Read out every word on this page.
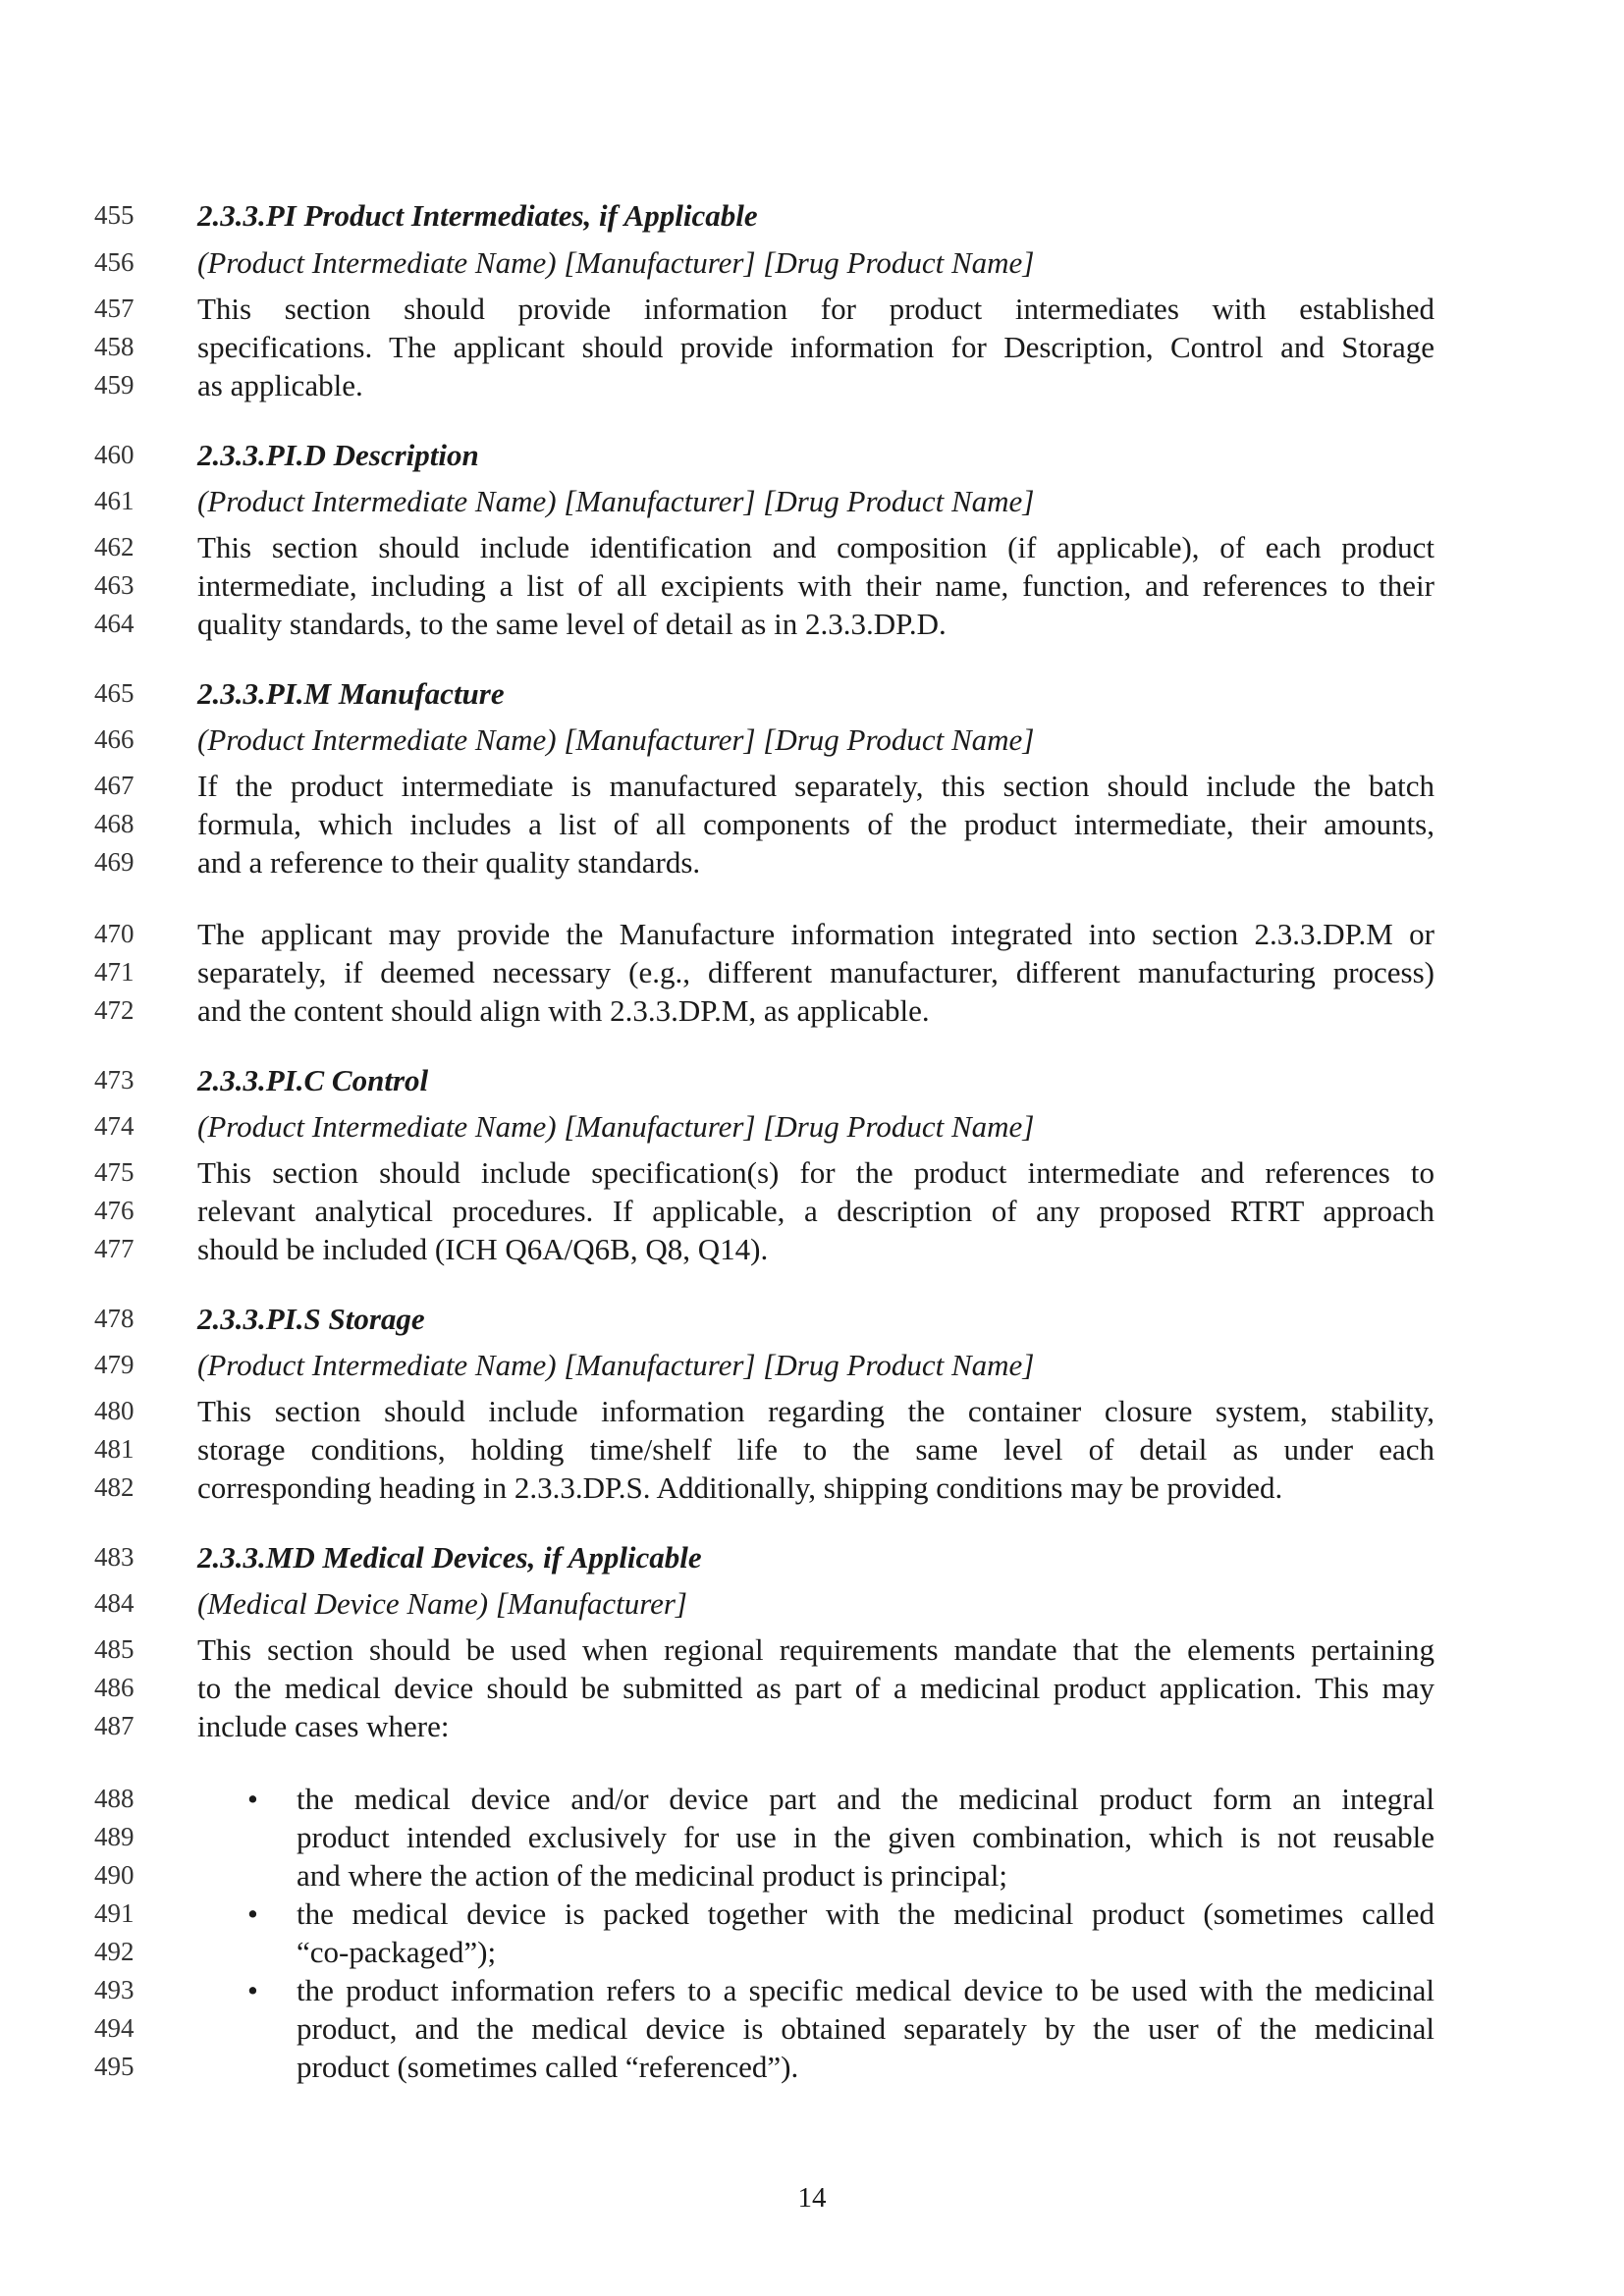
455 2.3.3.PI Product Intermediates, if Applicable
456 (Product Intermediate Name) [Manufacturer] [Drug Product Name]
457 This section should provide information for product intermediates with established
458 specifications. The applicant should provide information for Description, Control and Storage
459 as applicable.
460 2.3.3.PI.D Description
461 (Product Intermediate Name) [Manufacturer] [Drug Product Name]
462 This section should include identification and composition (if applicable), of each product
463 intermediate, including a list of all excipients with their name, function, and references to their
464 quality standards, to the same level of detail as in 2.3.3.DP.D.
465 2.3.3.PI.M Manufacture
466 (Product Intermediate Name) [Manufacturer] [Drug Product Name]
467 If the product intermediate is manufactured separately, this section should include the batch
468 formula, which includes a list of all components of the product intermediate, their amounts,
469 and a reference to their quality standards.
470 The applicant may provide the Manufacture information integrated into section 2.3.3.DP.M or
471 separately, if deemed necessary (e.g., different manufacturer, different manufacturing process)
472 and the content should align with 2.3.3.DP.M, as applicable.
473 2.3.3.PI.C Control
474 (Product Intermediate Name) [Manufacturer] [Drug Product Name]
475 This section should include specification(s) for the product intermediate and references to
476 relevant analytical procedures. If applicable, a description of any proposed RTRT approach
477 should be included (ICH Q6A/Q6B, Q8, Q14).
478 2.3.3.PI.S Storage
479 (Product Intermediate Name) [Manufacturer] [Drug Product Name]
480 This section should include information regarding the container closure system, stability,
481 storage conditions, holding time/shelf life to the same level of detail as under each
482 corresponding heading in 2.3.3.DP.S. Additionally, shipping conditions may be provided.
483 2.3.3.MD Medical Devices, if Applicable
484 (Medical Device Name) [Manufacturer]
485 This section should be used when regional requirements mandate that the elements pertaining
486 to the medical device should be submitted as part of a medicinal product application. This may
487 include cases where:
488	• the medical device and/or device part and the medicinal product form an integral
489	product intended exclusively for use in the given combination, which is not reusable
490	and where the action of the medicinal product is principal;
491	• the medical device is packed together with the medicinal product (sometimes called
492	“co-packaged”);
493	• the product information refers to a specific medical device to be used with the medicinal
494	product, and the medical device is obtained separately by the user of the medicinal
495	product (sometimes called “referenced”).
14
